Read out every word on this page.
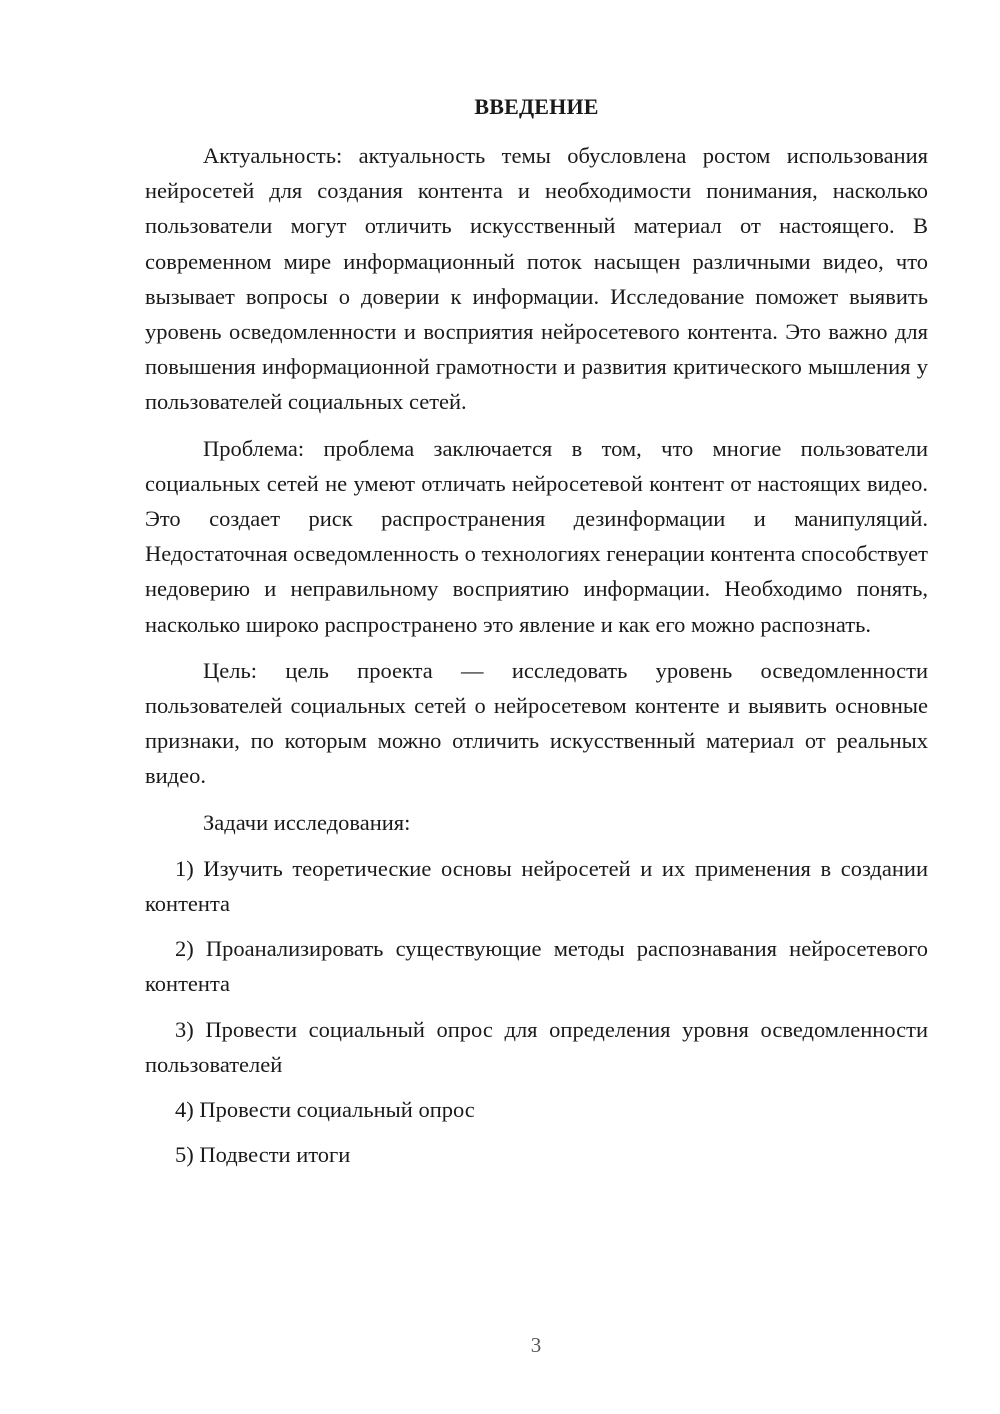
ВВЕДЕНИЕ

Актуальность: актуальность темы обусловлена ростом использования нейросетей для создания контента и необходимости понимания, насколько пользователи могут отличить искусственный материал от настоящего. В современном мире информационный поток насыщен различными видео, что вызывает вопросы о доверии к информации. Исследование поможет выявить уровень осведомленности и восприятия нейросетевого контента. Это важно для повышения информационной грамотности и развития критического мышления у пользователей социальных сетей.

Проблема: проблема заключается в том, что многие пользователи социальных сетей не умеют отличать нейросетевой контент от настоящих видео. Это создает риск распространения дезинформации и манипуляций. Недостаточная осведомленность о технологиях генерации контента способствует недоверию и неправильному восприятию информации. Необходимо понять, насколько широко распространено это явление и как его можно распознать.

Цель: цель проекта — исследовать уровень осведомленности пользователей социальных сетей о нейросетевом контенте и выявить основные признаки, по которым можно отличить искусственный материал от реальных видео.

Задачи исследования:

1) Изучить теоретические основы нейросетей и их применения в создании контента

2) Проанализировать существующие методы распознавания нейросетевого контента

3) Провести социальный опрос для определения уровня осведомленности пользователей

4) Провести социальный опрос

5) Подвести итоги

3
